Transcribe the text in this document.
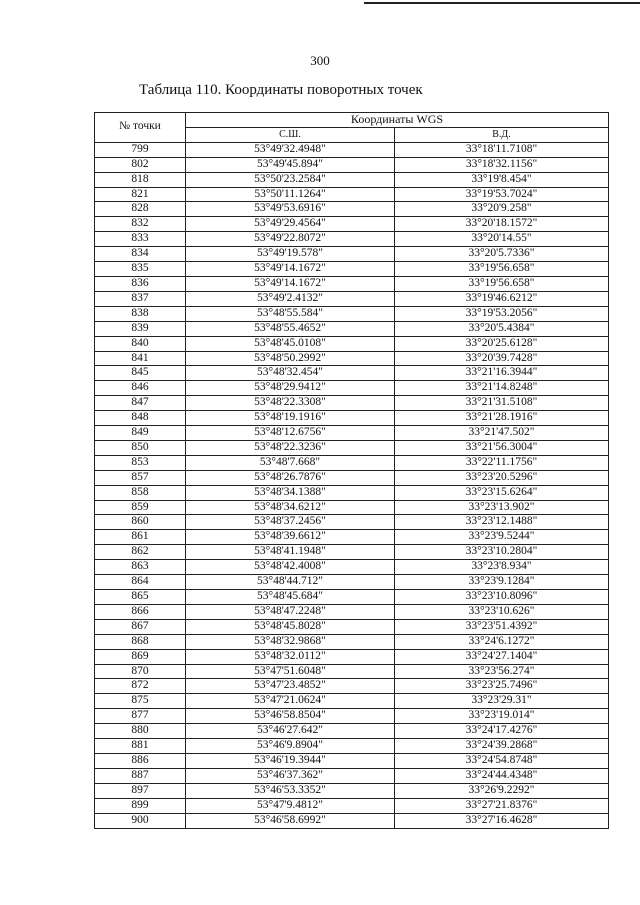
300
Таблица 110. Координаты поворотных точек
№ точки	Координаты WGS	
	С.Ш.	В.Д.
799	53°49'32.4948"	33°18'11.7108"
802	53°49'45.894"	33°18'32.1156"
818	53°50'23.2584"	33°19'8.454"
821	53°50'11.1264"	33°19'53.7024"
828	53°49'53.6916"	33°20'9.258"
832	53°49'29.4564"	33°20'18.1572"
833	53°49'22.8072"	33°20'14.55"
834	53°49'19.578"	33°20'5.7336"
835	53°49'14.1672"	33°19'56.658"
836	53°49'14.1672"	33°19'56.658"
837	53°49'2.4132"	33°19'46.6212"
838	53°48'55.584"	33°19'53.2056"
839	53°48'55.4652"	33°20'5.4384"
840	53°48'45.0108"	33°20'25.6128"
841	53°48'50.2992"	33°20'39.7428"
845	53°48'32.454"	33°21'16.3944"
846	53°48'29.9412"	33°21'14.8248"
847	53°48'22.3308"	33°21'31.5108"
848	53°48'19.1916"	33°21'28.1916"
849	53°48'12.6756"	33°21'47.502"
850	53°48'22.3236"	33°21'56.3004"
853	53°48'7.668"	33°22'11.1756"
857	53°48'26.7876"	33°23'20.5296"
858	53°48'34.1388"	33°23'15.6264"
859	53°48'34.6212"	33°23'13.902"
860	53°48'37.2456"	33°23'12.1488"
861	53°48'39.6612"	33°23'9.5244"
862	53°48'41.1948"	33°23'10.2804"
863	53°48'42.4008"	33°23'8.934"
864	53°48'44.712"	33°23'9.1284"
865	53°48'45.684"	33°23'10.8096"
866	53°48'47.2248"	33°23'10.626"
867	53°48'45.8028"	33°23'51.4392"
868	53°48'32.9868"	33°24'6.1272"
869	53°48'32.0112"	33°24'27.1404"
870	53°47'51.6048"	33°23'56.274"
872	53°47'23.4852"	33°23'25.7496"
875	53°47'21.0624"	33°23'29.31"
877	53°46'58.8504"	33°23'19.014"
880	53°46'27.642"	33°24'17.4276"
881	53°46'9.8904"	33°24'39.2868"
886	53°46'19.3944"	33°24'54.8748"
887	53°46'37.362"	33°24'44.4348"
897	53°46'53.3352"	33°26'9.2292"
899	53°47'9.4812"	33°27'21.8376"
900	53°46'58.6992"	33°27'16.4628"
